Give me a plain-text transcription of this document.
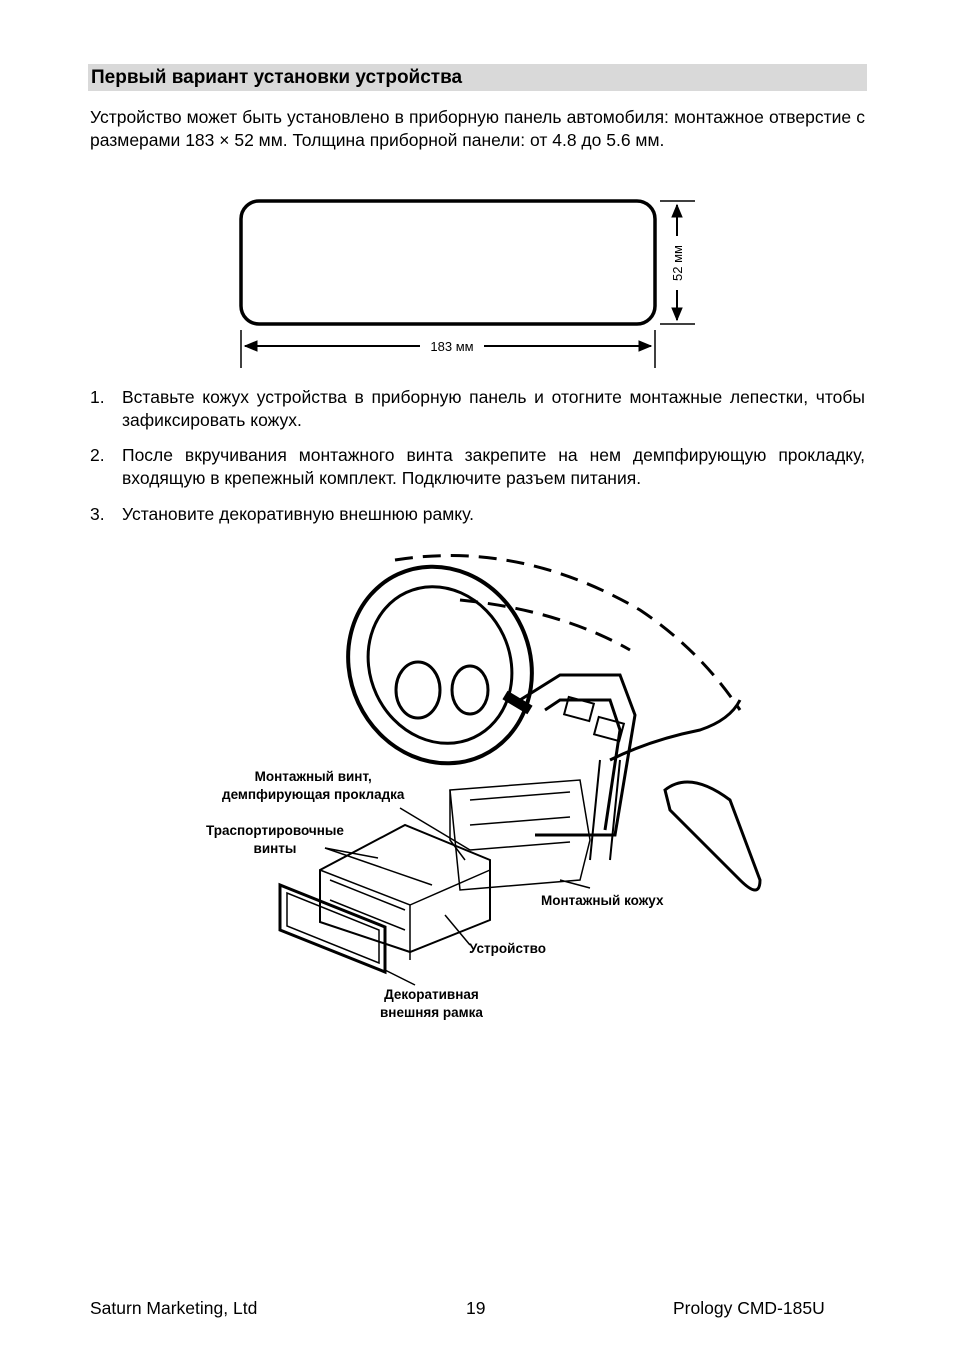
Первый вариант установки устройства
Устройство может быть установлено в приборную панель автомобиля: монтажное отверстие с размерами 183 × 52 мм. Толщина приборной панели: от 4.8 до 5.6 мм.
183 мм
52 мм
Монтажный винт,
демпфирующая прокладка
Траспортировочные
винты
Монтажный кожух
Устройство
Декоративная
внешняя рамка
1. Вставьте кожух устройства в приборную панель и отогните монтажные лепестки, чтобы зафиксировать кожух.
2. После вкручивания монтажного винта закрепите на нем демпфирующую прокладку, входящую в крепежный комплект. Подключите разъем питания.
3. Установите декоративную внешнюю рамку.
Saturn Marketing, Ltd	19	Prology CMD-185U
